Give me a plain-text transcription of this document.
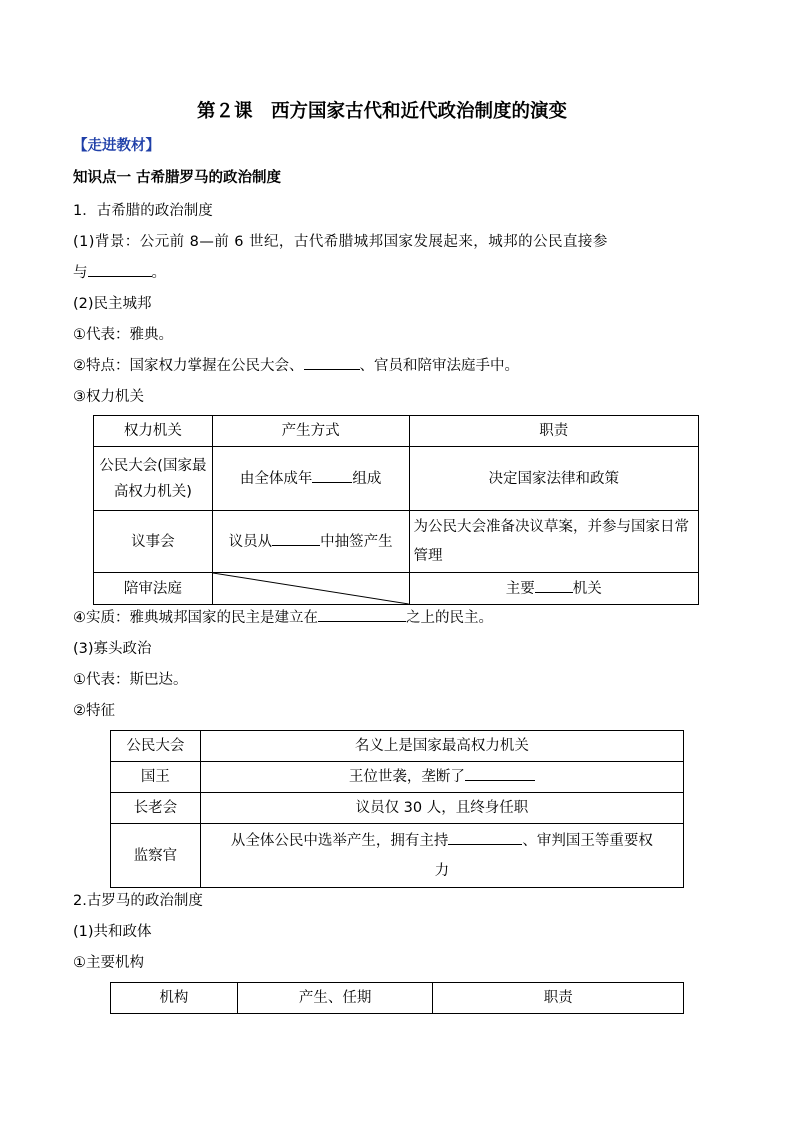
第２课　西方国家古代和近代政治制度的演变
【走进教材】
知识点一 古希腊罗马的政治制度
1．古希腊的政治制度
(1)背景：公元前 8—前 6 世纪，古代希腊城邦国家发展起来，城邦的公民直接参
与	。
(2)民主城邦
①代表：雅典。
②特点：国家权力掌握在公民大会、	、官员和陪审法庭手中。
③权力机关
权力机关	产生方式	职责
公民大会(国家最高权力机关)	由全体成年 组成	决定国家法律和政策
议事会	议员从 中抽签产生	为公民大会准备决议草案，并参与国家日常管理
陪审法庭		主要 机关
④实质：雅典城邦国家的民主是建立在	之上的民主。
(3)寡头政治
①代表：斯巴达。
②特征
公民大会	名义上是国家最高权力机关
国王	王位世袭，垄断了
长老会	议员仅 30 人，且终身任职
监察官	从全体公民中选举产生，拥有主持 、审判国王等重要权
力
2.古罗马的政治制度
(1)共和政体
①主要机构
机构	产生、任期	职责
